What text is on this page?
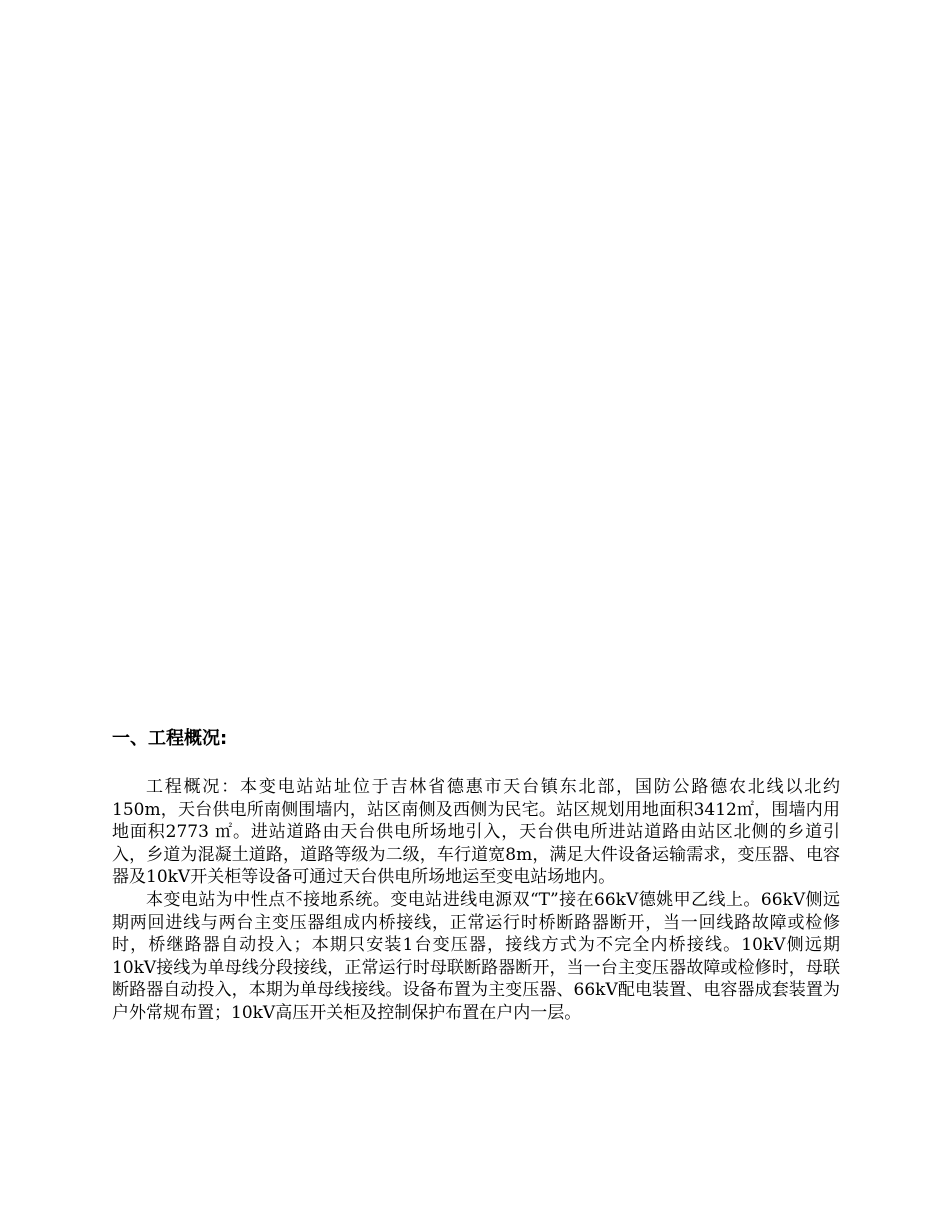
一、工程概况:

工程概况：本变电站站址位于吉林省德惠市天台镇东北部，国防公路德农北线以北约150m，天台供电所南侧围墙内，站区南侧及西侧为民宅。站区规划用地面积3412㎡，围墙内用地面积2773 ㎡。进站道路由天台供电所场地引入，天台供电所进站道路由站区北侧的乡道引入，乡道为混凝土道路，道路等级为二级，车行道宽8m，满足大件设备运输需求，变压器、电容器及10kV开关柜等设备可通过天台供电所场地运至变电站场地内。

本变电站为中性点不接地系统。变电站进线电源双“T”接在66kV德姚甲乙线上。66kV侧远期两回进线与两台主变压器组成内桥接线，正常运行时桥断路器断开，当一回线路故障或检修时，桥继路器自动投入；本期只安装1台变压器，接线方式为不完全内桥接线。10kV侧远期10kV接线为单母线分段接线，正常运行时母联断路器断开，当一台主变压器故障或检修时，母联断路器自动投入，本期为单母线接线。设备布置为主变压器、66kV配电装置、电容器成套装置为户外常规布置；10kV高压开关柜及控制保护布置在户内一层。
